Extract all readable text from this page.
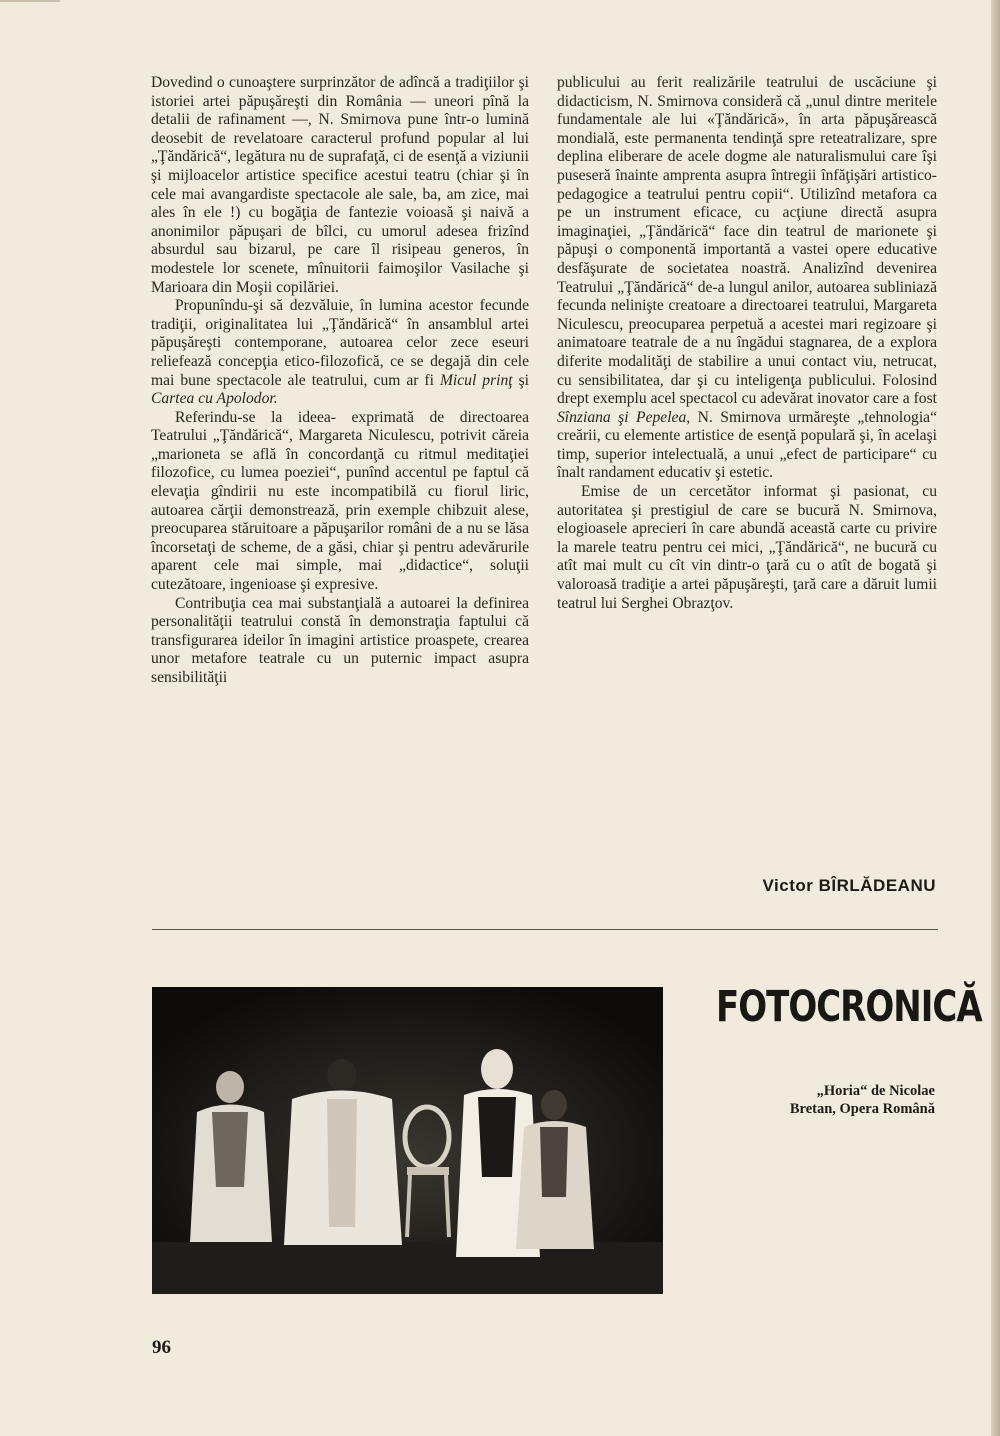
Dovedind o cunoaştere surprinzător de adîncă a tradiţiilor şi istoriei artei păpuşăreşti din România — uneori pînă la detalii de rafinament —, N. Smirnova pune într-o lumină deosebit de revelatoare caracterul profund popular al lui „Ţăndărică“, legătura nu de suprafaţă, ci de esenţă a viziunii şi mijloacelor artistice specifice acestui teatru (chiar şi în cele mai avangardiste spectacole ale sale, ba, am zice, mai ales în ele !) cu bogăţia de fantezie voioasă şi naivă a anonimilor păpuşari de bîlci, cu umorul adesea frizînd absurdul sau bizarul, pe care îl risipeau generos, în modestele lor scenete, mînuitorii faimoşilor Vasilache şi Marioara din Moşii copilăriei.

Propunîndu-şi să dezvăluie, în lumina acestor fecunde tradiţii, originalitatea lui „Ţăndărică“ în ansamblul artei păpuşăreşti contemporane, autoarea celor zece eseuri reliefează concepţia etico-filozofică, ce se degajă din cele mai bune spectacole ale teatrului, cum ar fi Micul prinţ şi Cartea cu Apolodor.

Referindu-se la ideea- exprimată de directoarea Teatrului „Ţăndărică“, Margareta Niculescu, potrivit căreia „marioneta se află în concordanţă cu ritmul meditaţiei filozofice, cu lumea poeziei“, punînd accentul pe faptul că elevaţia gîndirii nu este incompatibilă cu fiorul liric, autoarea cărţii demonstrează, prin exemple chibzuit alese, preocuparea stăruitoare a păpuşarilor români de a nu se lăsa încorsetaţi de scheme, de a găsi, chiar şi pentru adevărurile aparent cele mai simple, mai „didactice“, soluţii cutezătoare, ingenioase şi expresive.

Contribuţia cea mai substanţială a autoarei la definirea personalităţii teatrului constă în demonstraţia faptului că transfigurarea ideilor în imagini artistice proaspete, crearea unor metafore teatrale cu un puternic impact asupra sensibilităţii

publicului au ferit realizările teatrului de uscăciune şi didacticism, N. Smirnova consideră că „unul dintre meritele fundamentale ale lui «Ţăndărică», în arta păpuşărească mondială, este permanenta tendinţă spre reteatralizare, spre deplina eliberare de acele dogme ale naturalismului care îşi puseseră înainte amprenta asupra întregii înfăţişări artistico-pedagogice a teatrului pentru copii“. Utilizînd metafora ca pe un instrument eficace, cu acţiune directă asupra imaginaţiei, „Ţăndărică“ face din teatrul de marionete şi păpuşi o componentă importantă a vastei opere educative desfăşurate de societatea noastră. Analizînd devenirea Teatrului „Ţăndărică“ de-a lungul anilor, autoarea subliniază fecunda nelinişte creatoare a directoarei teatrului, Margareta Niculescu, preocuparea perpetuă a acestei mari regizoare şi animatoare teatrale de a nu îngădui stagnarea, de a explora diferite modalităţi de stabilire a unui contact viu, netrucat, cu sensibilitatea, dar şi cu inteligenţa publicului. Folosind drept exemplu acel spectacol cu adevărat inovator care a fost Sînziana şi Pepelea, N. Smirnova urmăreşte „tehnologia“ creării, cu elemente artistice de esenţă populară şi, în acelaşi timp, superior intelectuală, a unui „efect de participare“ cu înalt randament educativ şi estetic.

Emise de un cercetător informat şi pasionat, cu autoritatea şi prestigiul de care se bucură N. Smirnova, elogioasele aprecieri în care abundă această carte cu privire la marele teatru pentru cei mici, „Ţăndărică“, ne bucură cu atît mai mult cu cît vin dintr-o ţară cu o atît de bogată şi valoroasă tradiţie a artei păpuşăreşti, ţară care a dăruit lumii teatrul lui Serghei Obrazţov.

Victor BÎRLĂDEANU
FOTOCRONICĂ
„Horia“ de Nicolae
Bretan, Opera Română
96
